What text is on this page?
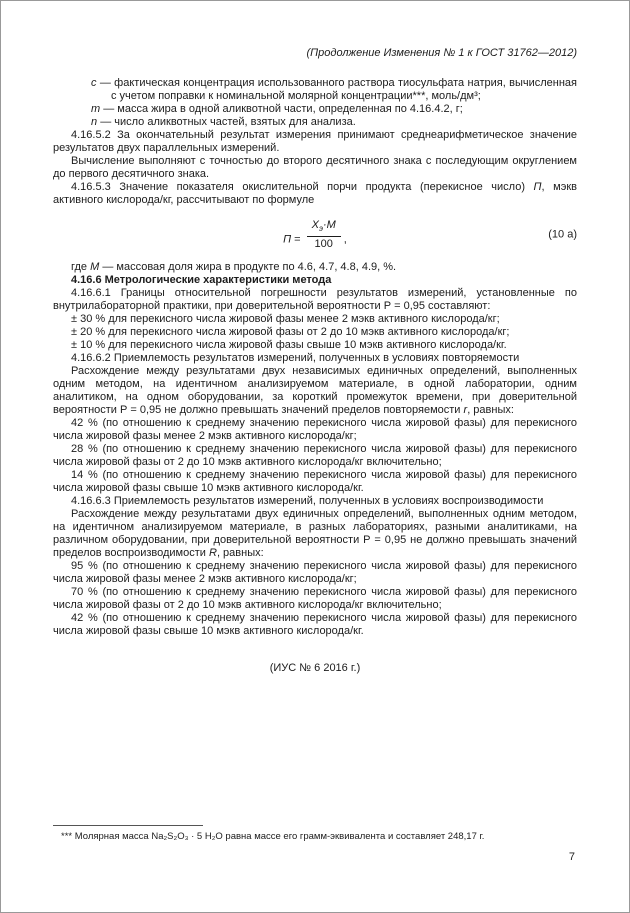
(Продолжение Изменения № 1 к ГОСТ 31762—2012)

с — фактическая концентрация использованного раствора тиосульфата натрия, вычисленная с учетом поправки к номинальной молярной концентрации***, моль/дм³;

m — масса жира в одной аликвотной части, определенная по 4.16.4.2, г;

n — число аликвотных частей, взятых для анализа.

4.16.5.2 За окончательный результат измерения принимают среднеарифметическое значение результатов двух параллельных измерений.

Вычисление выполняют с точностью до второго десятичного знака с последующим округлением до первого десятичного знака.

4.16.5.3 Значение показателя окислительной порчи продукта (перекисное число) П, мэкв активного кислорода/кг, рассчитывают по формуле

$П = \frac{Х_э\cdot М}{100}$ ,	(10 а)

где М — массовая доля жира в продукте по 4.6, 4.7, 4.8, 4.9, %.

4.16.6 Метрологические характеристики метода

4.16.6.1 Границы относительной погрешности результатов измерений, установленные по внутрилабораторной практики, при доверительной вероятности Р = 0,95 составляют:

± 30 % для перекисного числа жировой фазы менее 2 мэкв активного кислорода/кг;

± 20 % для перекисного числа жировой фазы от 2 до 10 мэкв активного кислорода/кг;

± 10 % для перекисного числа жировой фазы свыше 10 мэкв активного кислорода/кг.

4.16.6.2 Приемлемость результатов измерений, полученных в условиях повторяемости

Расхождение между результатами двух независимых единичных определений, выполненных одним методом, на идентичном анализируемом материале, в одной лаборатории, одним аналитиком, на одном оборудовании, за короткий промежуток времени, при доверительной вероятности Р = 0,95 не должно превышать значений пределов повторяемости r, равных:

42 % (по отношению к среднему значению перекисного числа жировой фазы) для перекисного числа жировой фазы менее 2 мэкв активного кислорода/кг;

28 % (по отношению к среднему значению перекисного числа жировой фазы) для перекисного числа жировой фазы от 2 до 10 мэкв активного кислорода/кг включительно;

14 % (по отношению к среднему значению перекисного числа жировой фазы) для перекисного числа жировой фазы свыше 10 мэкв активного кислорода/кг.

4.16.6.3 Приемлемость результатов измерений, полученных в условиях воспроизводимости

Расхождение между результатами двух единичных определений, выполненных одним методом, на идентичном анализируемом материале, в разных лабораториях, разными аналитиками, на различном оборудовании, при доверительной вероятности Р = 0,95 не должно превышать значений пределов воспроизводимости R, равных:

95 % (по отношению к среднему значению перекисного числа жировой фазы) для перекисного числа жировой фазы менее 2 мэкв активного кислорода/кг;

70 % (по отношению к среднему значению перекисного числа жировой фазы) для перекисного числа жировой фазы от 2 до 10 мэкв активного кислорода/кг включительно;

42 % (по отношению к среднему значению перекисного числа жировой фазы) для перекисного числа жировой фазы свыше 10 мэкв активного кислорода/кг.

(ИУС № 6 2016 г.)

*** Молярная масса Na₂S₂O₃ · 5 H₂O равна массе его грамм-эквивалента и составляет 248,17 г.

7
